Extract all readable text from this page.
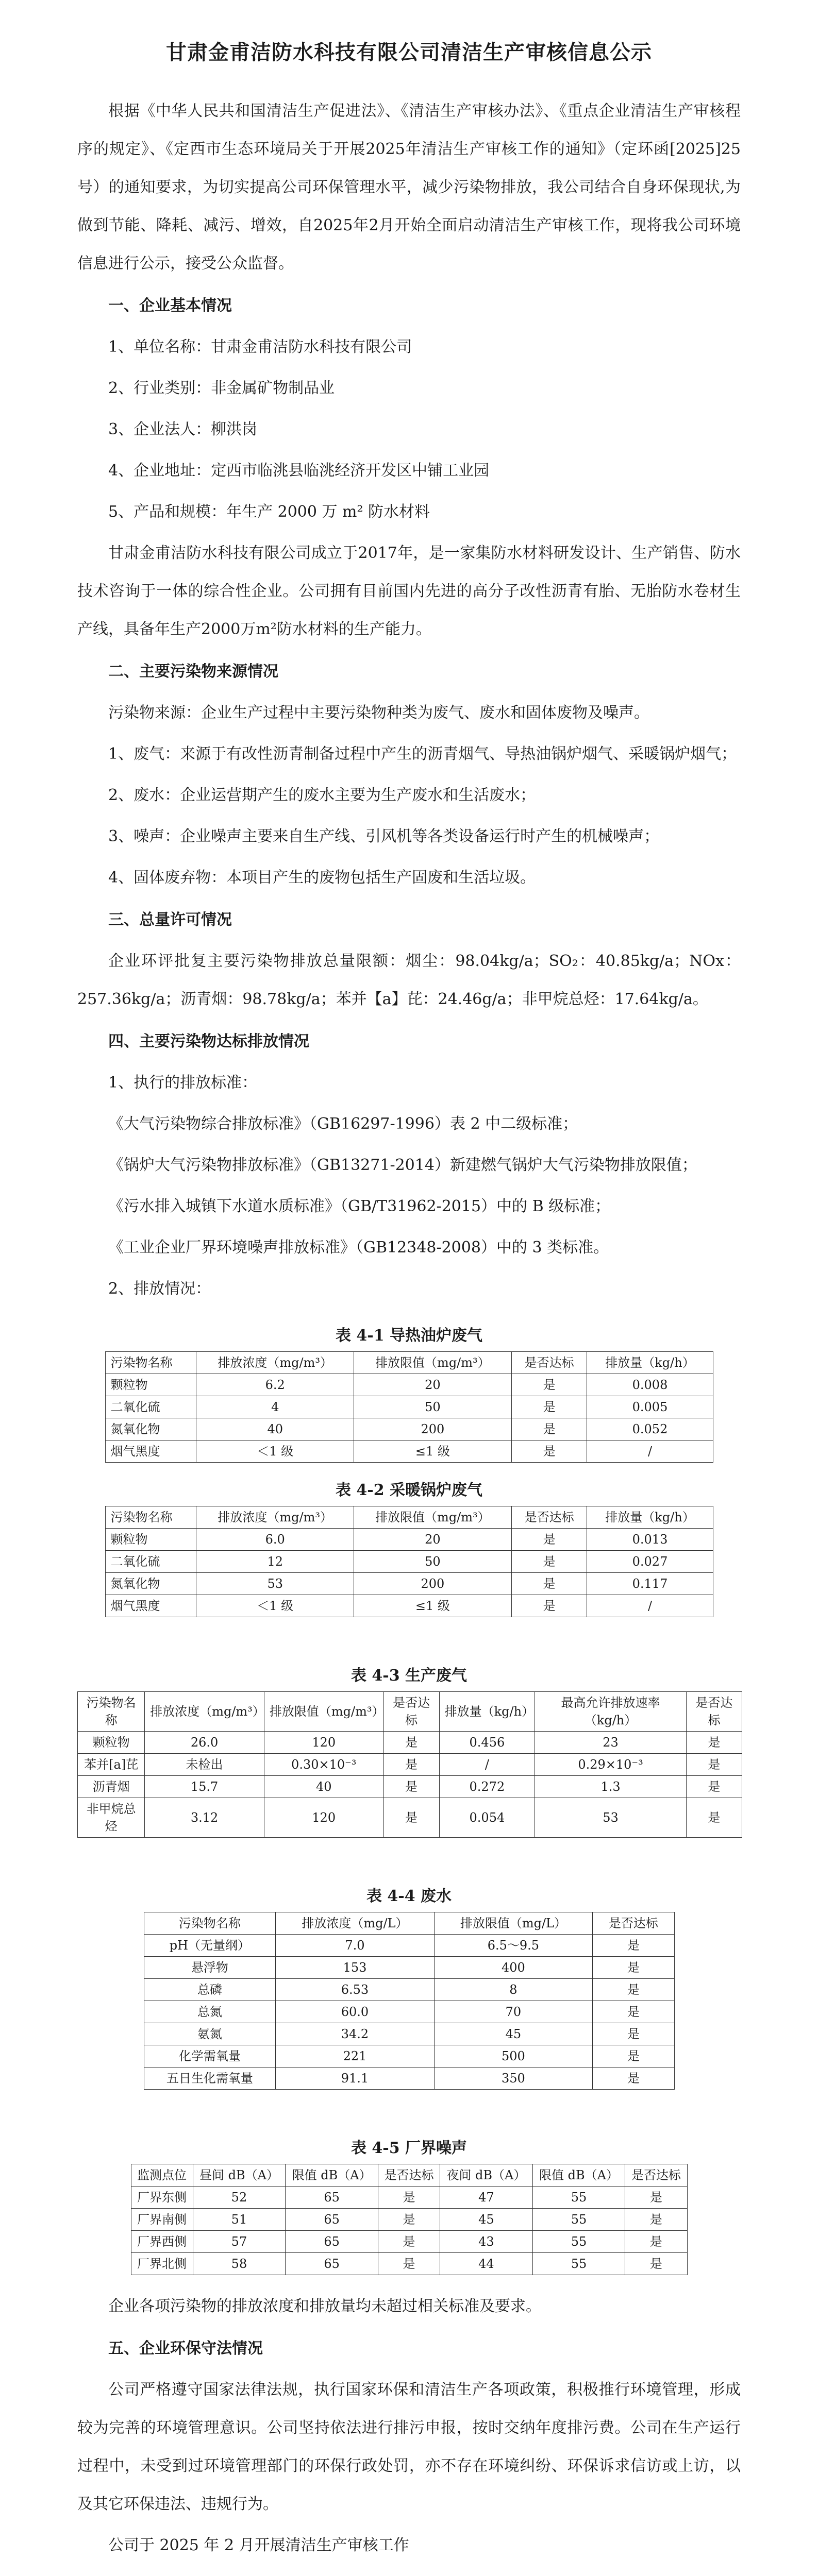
甘肃金甫洁防水科技有限公司清洁生产审核信息公示

根据《中华人民共和国清洁生产促进法》、《清洁生产审核办法》、《重点企业清洁生产审核程序的规定》、《定西市生态环境局关于开展2025年清洁生产审核工作的通知》（定环函[2025]25号）的通知要求，为切实提高公司环保管理水平，减少污染物排放，我公司结合自身环保现状,为做到节能、降耗、减污、增效，自2025年2月开始全面启动清洁生产审核工作，现将我公司环境信息进行公示，接受公众监督。

一、企业基本情况

1、单位名称：甘肃金甫洁防水科技有限公司

2、行业类别：非金属矿物制品业

3、企业法人：柳洪岗

4、企业地址：定西市临洮县临洮经济开发区中铺工业园

5、产品和规模：年生产 2000 万 m² 防水材料

甘肃金甫洁防水科技有限公司成立于2017年，是一家集防水材料研发设计、生产销售、防水技术咨询于一体的综合性企业。公司拥有目前国内先进的高分子改性沥青有胎、无胎防水卷材生产线，具备年生产2000万m²防水材料的生产能力。

二、主要污染物来源情况

污染物来源：企业生产过程中主要污染物种类为废气、废水和固体废物及噪声。

1、废气：来源于有改性沥青制备过程中产生的沥青烟气、导热油锅炉烟气、采暖锅炉烟气；

2、废水：企业运营期产生的废水主要为生产废水和生活废水；

3、噪声：企业噪声主要来自生产线、引风机等各类设备运行时产生的机械噪声；

4、固体废弃物：本项目产生的废物包括生产固废和生活垃圾。

三、总量许可情况

企业环评批复主要污染物排放总量限额：烟尘：98.04kg/a；SO₂：40.85kg/a；NOx：257.36kg/a；沥青烟：98.78kg/a；苯并【a】芘：24.46g/a；非甲烷总烃：17.64kg/a。

四、主要污染物达标排放情况

1、执行的排放标准：

《大气污染物综合排放标准》（GB16297-1996）表 2 中二级标准；

《锅炉大气污染物排放标准》（GB13271-2014）新建燃气锅炉大气污染物排放限值；

《污水排入城镇下水道水质标准》（GB/T31962-2015）中的 B 级标准；

《工业企业厂界环境噪声排放标准》（GB12348-2008）中的 3 类标准。

2、排放情况：

表 4-1 导热油炉废气
污染物名称	排放浓度（mg/m³）	排放限值（mg/m³）	是否达标	排放量（kg/h）
颗粒物	6.2	20	是	0.008
二氧化硫	4	50	是	0.005
氮氧化物	40	200	是	0.052
烟气黑度	＜1 级	≤1 级	是	/
表 4-2 采暖锅炉废气
污染物名称	排放浓度（mg/m³）	排放限值（mg/m³）	是否达标	排放量（kg/h）
颗粒物	6.0	20	是	0.013
二氧化硫	12	50	是	0.027
氮氧化物	53	200	是	0.117
烟气黑度	＜1 级	≤1 级	是	/
表 4-3 生产废气
污染物名称	排放浓度（mg/m³）	排放限值（mg/m³）	是否达标	排放量（kg/h）	最高允许排放速率（kg/h）	是否达标
颗粒物	26.0	120	是	0.456	23	是
苯并[a]芘	未检出	0.30×10⁻³	是	/	0.29×10⁻³	是
沥青烟	15.7	40	是	0.272	1.3	是
非甲烷总烃	3.12	120	是	0.054	53	是
表 4-4 废水
污染物名称	排放浓度（mg/L）	排放限值（mg/L）	是否达标
pH（无量纲）	7.0	6.5～9.5	是
悬浮物	153	400	是
总磷	6.53	8	是
总氮	60.0	70	是
氨氮	34.2	45	是
化学需氧量	221	500	是
五日生化需氧量	91.1	350	是
表 4-5 厂界噪声
监测点位	昼间 dB（A）	限值 dB（A）	是否达标	夜间 dB（A）	限值 dB（A）	是否达标
厂界东侧	52	65	是	47	55	是
厂界南侧	51	65	是	45	55	是
厂界西侧	57	65	是	43	55	是
厂界北侧	58	65	是	44	55	是

企业各项污染物的排放浓度和排放量均未超过相关标准及要求。

五、企业环保守法情况

公司严格遵守国家法律法规，执行国家环保和清洁生产各项政策，积极推行环境管理，形成较为完善的环境管理意识。公司坚持依法进行排污申报，按时交纳年度排污费。公司在生产运行过程中，未受到过环境管理部门的环保行政处罚，亦不存在环境纠纷、环保诉求信访或上访，以及其它环保违法、违规行为。

公司于 2025 年 2 月开展清洁生产审核工作
